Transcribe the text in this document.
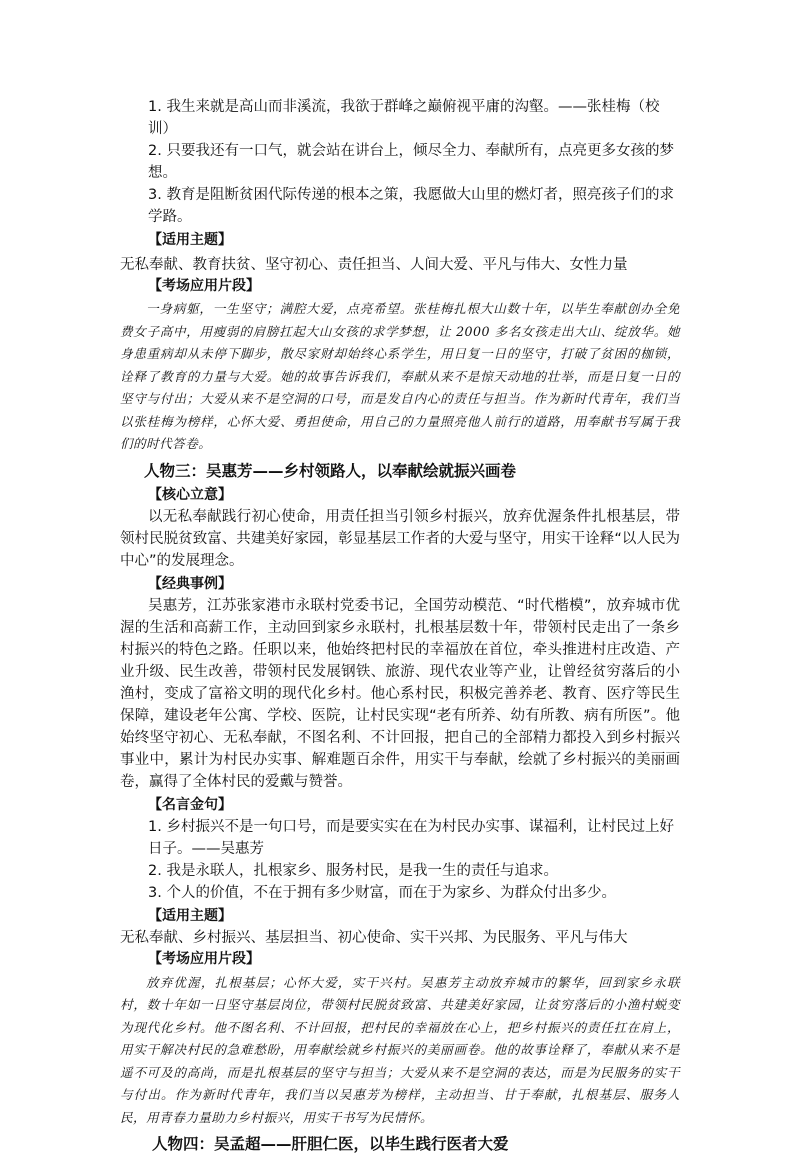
1. 我生来就是高山而非溪流，我欲于群峰之巅俯视平庸的沟壑。——张桂梅（校训）

2. 只要我还有一口气，就会站在讲台上，倾尽全力、奉献所有，点亮更多女孩的梦想。

3. 教育是阻断贫困代际传递的根本之策，我愿做大山里的燃灯者，照亮孩子们的求学路。

【 适用主题 】

无私奉献、教育扶贫、坚守初心、责任担当、人间大爱、平凡与伟大、女性力量

【 考场应用片段 】

一身病躯，一生坚守；满腔大爱，点亮希望。张桂梅扎根大山数十年，以毕生奉献创办全免费女子高中，用瘦弱的肩膀扛起大山女孩的求学梦想，让 2000 多名女孩走出大山、绽放华。她身患重病却从未停下脚步，散尽家财却始终心系学生，用日复一日的坚守，打破了贫困的枷锁，诠释了教育的力量与大爱。她的故事告诉我们，奉献从来不是惊天动地的壮举，而是日复一日的坚守与付出；大爱从来不是空洞的口号，而是发自内心的责任与担当。作为新时代青年，我们当以张桂梅为榜样，心怀大爱、勇担使命，用自己的力量照亮他人前行的道路，用奉献书写属于我们的时代答卷。

人物三：吴惠芳——乡村领路人，以奉献绘就振兴画卷

【 核心立意 】

以无私奉献践行初心使命，用责任担当引领乡村振兴，放弃优渥条件扎根基层，带领村民脱贫致富、共建美好家园，彰显基层工作者的大爱与坚守，用实干诠释“以人民为中心”的发展理念。

【 经典事例 】

吴惠芳，江苏张家港市永联村党委书记，全国劳动模范、“时代楷模”，放弃城市优渥的生活和高薪工作，主动回到家乡永联村，扎根基层数十年，带领村民走出了一条乡村振兴的特色之路。任职以来，他始终把村民的幸福放在首位，牵头推进村庄改造、产业升级、民生改善，带领村民发展钢铁、旅游、现代农业等产业，让曾经贫穷落后的小渔村，变成了富裕文明的现代化乡村。他心系村民，积极完善养老、教育、医疗等民生保障，建设老年公寓、学校、医院，让村民实现“老有所养、幼有所教、病有所医”。他始终坚守初心、无私奉献，不图名利、不计回报，把自己的全部精力都投入到乡村振兴事业中，累计为村民办实事、解难题百余件，用实干与奉献，绘就了乡村振兴的美丽画卷，赢得了全体村民的爱戴与赞誉。

【 名言金句 】

1. 乡村振兴不是一句口号，而是要实实在在为村民办实事、谋福利，让村民过上好日子。——吴惠芳

2. 我是永联人，扎根家乡、服务村民，是我一生的责任与追求。

3. 个人的价值，不在于拥有多少财富，而在于为家乡、为群众付出多少。

【 适用主题 】

无私奉献、乡村振兴、基层担当、初心使命、实干兴邦、为民服务、平凡与伟大

【 考场应用片段 】

放弃优渥，扎根基层；心怀大爱，实干兴村。吴惠芳主动放弃城市的繁华，回到家乡永联村，数十年如一日坚守基层岗位，带领村民脱贫致富、共建美好家园，让贫穷落后的小渔村蜕变为现代化乡村。他不图名利、不计回报，把村民的幸福放在心上，把乡村振兴的责任扛在肩上，用实干解决村民的急难愁盼，用奉献绘就乡村振兴的美丽画卷。他的故事诠释了，奉献从来不是遥不可及的高尚，而是扎根基层的坚守与担当；大爱从来不是空洞的表达，而是为民服务的实干与付出。作为新时代青年，我们当以吴惠芳为榜样，主动担当、甘于奉献，扎根基层、服务人民，用青春力量助力乡村振兴，用实干书写为民情怀。

人物四：吴孟超——肝胆仁医，以毕生践行医者大爱
